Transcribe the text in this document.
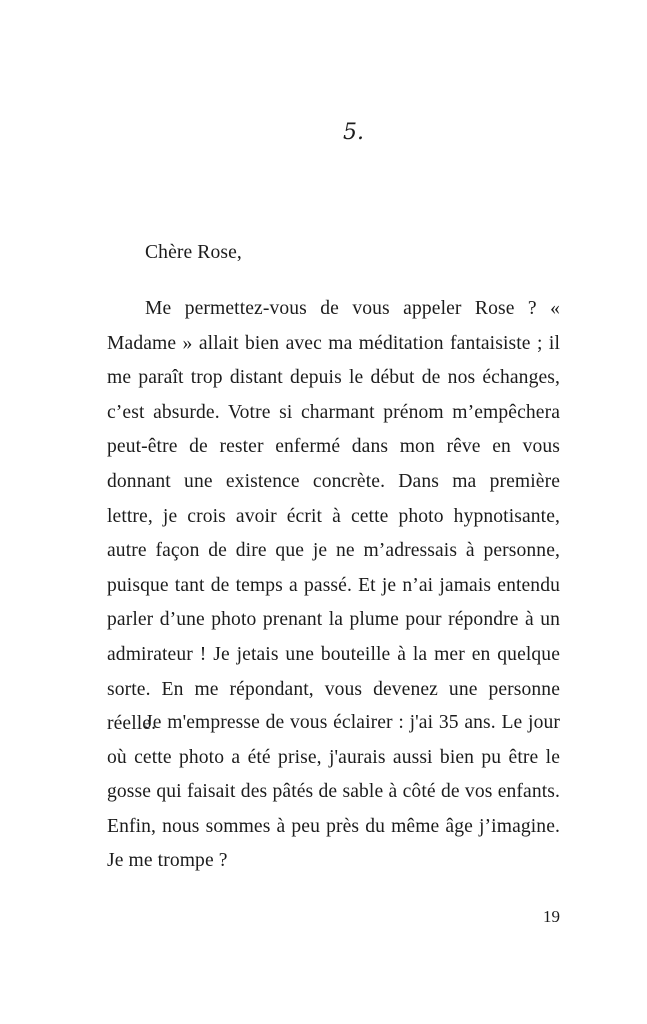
5.

Chère Rose,

Me permettez-vous de vous appeler Rose ? « Madame » allait bien avec ma méditation fantaisiste ; il me paraît trop distant depuis le début de nos échanges, c’est absurde. Votre si charmant prénom m’empêchera peut-être de rester enfermé dans mon rêve en vous donnant une existence concrète. Dans ma première lettre, je crois avoir écrit à cette photo hypnotisante, autre façon de dire que je ne m’adressais à personne, puisque tant de temps a passé. Et je n’ai jamais entendu parler d’une photo prenant la plume pour répondre à un admirateur ! Je jetais une bouteille à la mer en quelque sorte. En me répondant, vous devenez une personne réelle.

Je m'empresse de vous éclairer : j'ai 35 ans. Le jour où cette photo a été prise, j'aurais aussi bien pu être le gosse qui faisait des pâtés de sable à côté de vos enfants. Enfin, nous sommes à peu près du même âge j’imagine. Je me trompe ?

19
